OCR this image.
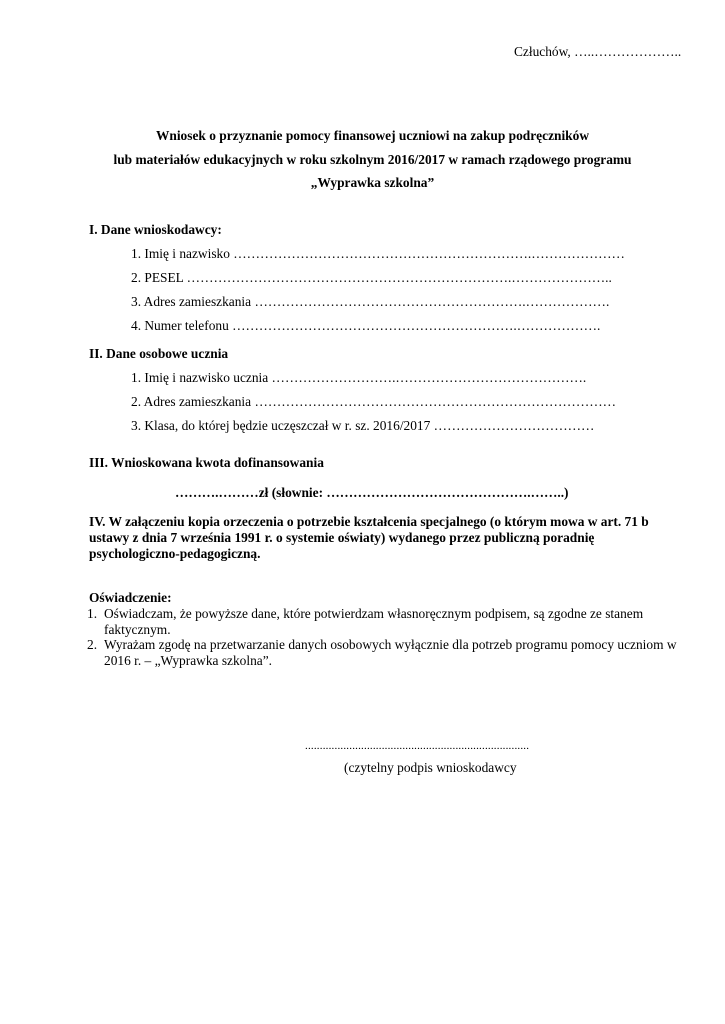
Człuchów, …..………………..
Wniosek o przyznanie pomocy finansowej uczniowi na zakup podręczników
lub materiałów edukacyjnych w roku szkolnym 2016/2017 w ramach rządowego programu
„Wyprawka szkolna”
I. Dane wnioskodawcy:
1. Imię i nazwisko ………………………………………………………….…………………
2. PESEL ……………………………………………………………….…………………..
3. Adres zamieszkania …………………………………………………….……………….
4. Numer telefonu ……………………………………………………….……………….
II. Dane osobowe ucznia
1. Imię i nazwisko ucznia ……………………….…………………………………….
2. Adres zamieszkania ………………………………………………………………………
3. Klasa, do której będzie uczęszczał w r. sz. 2016/2017 ………………………………
III. Wnioskowana kwota dofinansowania
……….………zł (słownie: ……………………………………….……..)
IV. W załączeniu kopia orzeczenia o potrzebie kształcenia specjalnego (o którym mowa w art. 71 b ustawy z dnia 7 września 1991 r. o systemie oświaty) wydanego przez publiczną poradnię psychologiczno-pedagogiczną.
Oświadczenie:
1. Oświadczam, że powyższe dane, które potwierdzam własnoręcznym podpisem, są zgodne ze stanem faktycznym.
2. Wyrażam zgodę na przetwarzanie danych osobowych wyłącznie dla potrzeb programu pomocy uczniom w 2016 r. – „Wyprawka szkolna”.
............................................................................
(czytelny podpis wnioskodawcy
